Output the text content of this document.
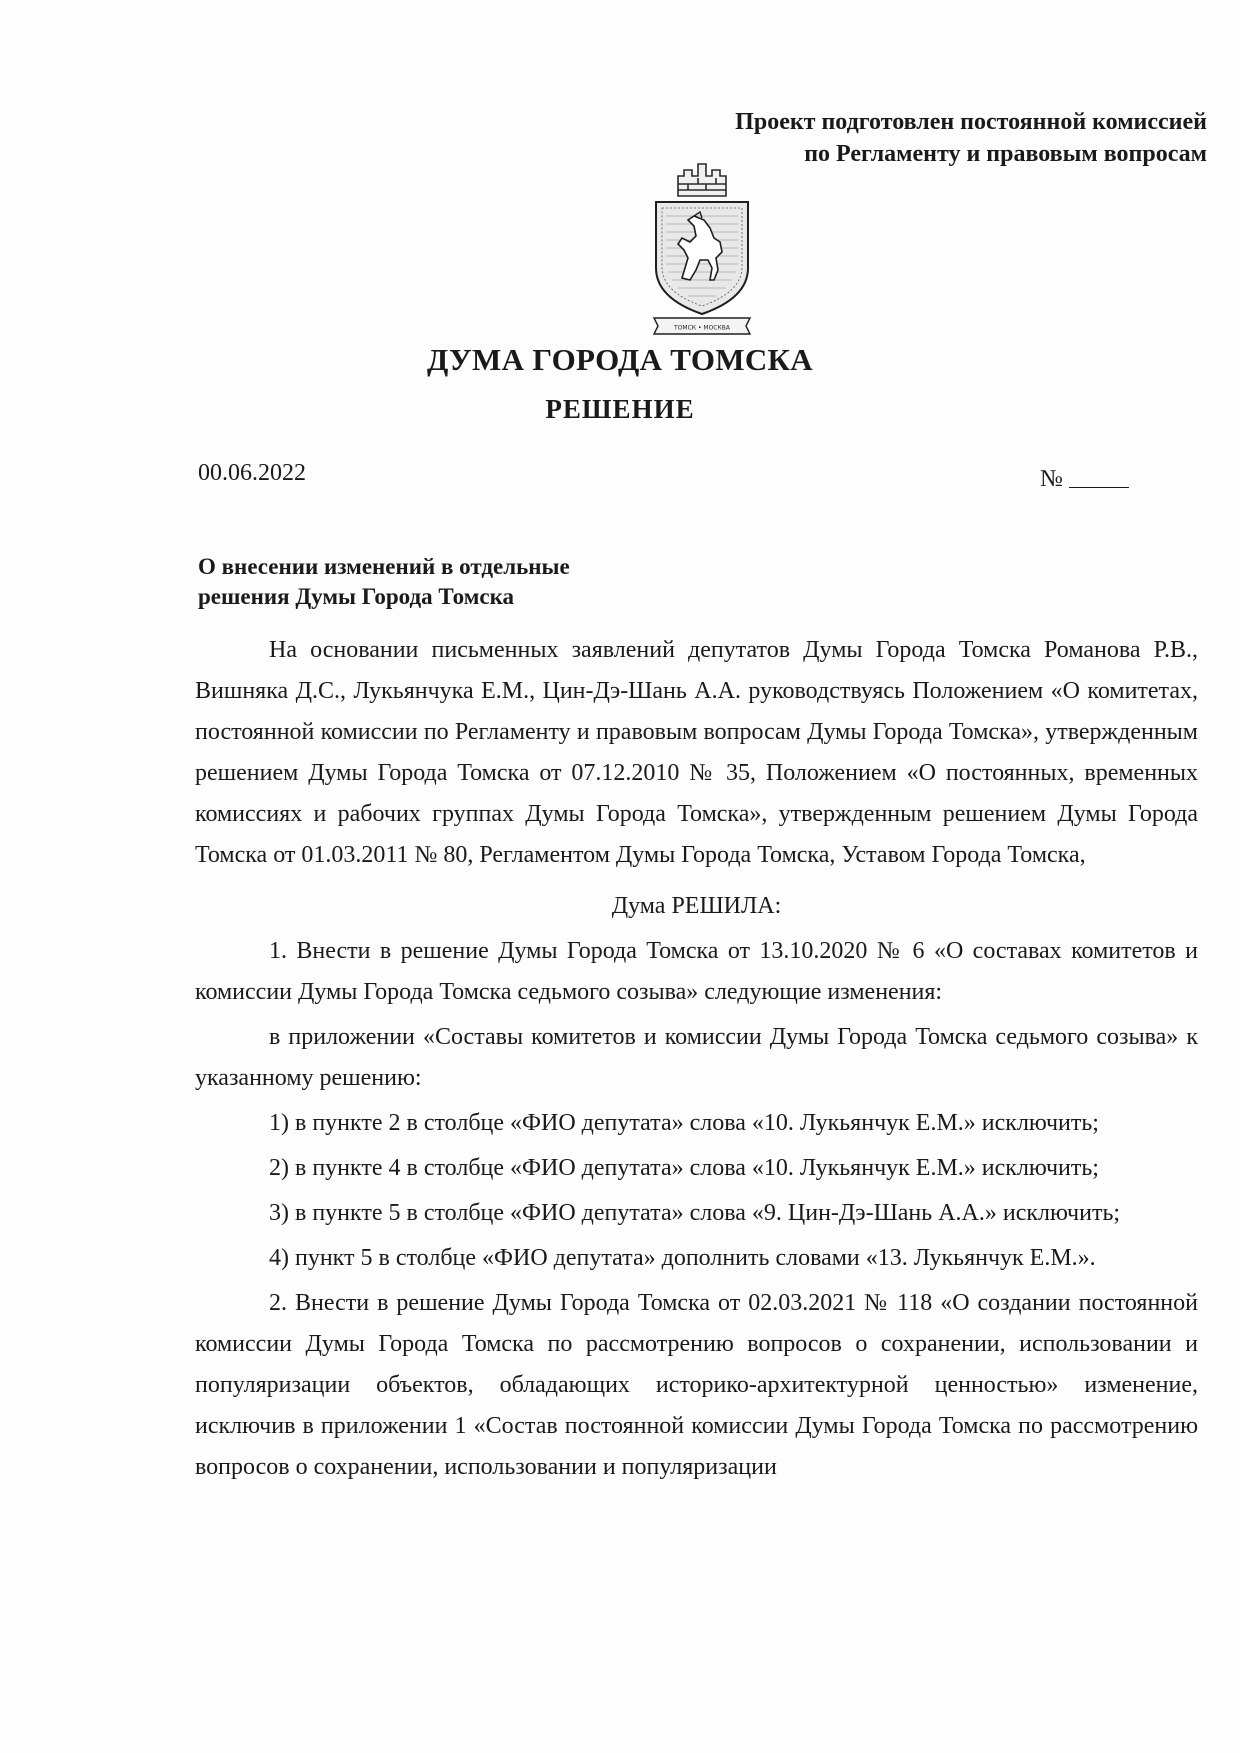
Проект подготовлен постоянной комиссией
по Регламенту и правовым вопросам
ТОМСК • МОСКВА
ДУМА ГОРОДА ТОМСКА
РЕШЕНИЕ
00.06.2022	№
О внесении изменений в отдельные
решения Думы Города Томска

На основании письменных заявлений депутатов Думы Города Томска Романова Р.В., Вишняка Д.С., Лукьянчука Е.М., Цин-Дэ-Шань А.А. руководствуясь Положением «О комитетах, постоянной комиссии по Регламенту и правовым вопросам Думы Города Томска», утвержденным решением Думы Города Томска от 07.12.2010 № 35, Положением «О постоянных, временных комиссиях и рабочих группах Думы Города Томска», утвержденным решением Думы Города Томска от 01.03.2011 № 80, Регламентом Думы Города Томска, Уставом Города Томска,

Дума РЕШИЛА:

1. Внести в решение Думы Города Томска от 13.10.2020 № 6 «О составах комитетов и комиссии Думы Города Томска седьмого созыва» следующие изменения:

в приложении «Составы комитетов и комиссии Думы Города Томска седьмого созыва» к указанному решению:

1) в пункте 2 в столбце «ФИО депутата» слова «10. Лукьянчук Е.М.» исключить;

2) в пункте 4 в столбце «ФИО депутата» слова «10. Лукьянчук Е.М.» исключить;

3) в пункте 5 в столбце «ФИО депутата» слова «9. Цин-Дэ-Шань А.А.» исключить;

4) пункт 5 в столбце «ФИО депутата» дополнить словами «13. Лукьянчук Е.М.».

2. Внести в решение Думы Города Томска от 02.03.2021 № 118 «О создании постоянной комиссии Думы Города Томска по рассмотрению вопросов о сохранении, использовании и популяризации объектов, обладающих историко-архитектурной ценностью» изменение, исключив в приложении 1 «Состав постоянной комиссии Думы Города Томска по рассмотрению вопросов о сохранении, использовании и популяризации
